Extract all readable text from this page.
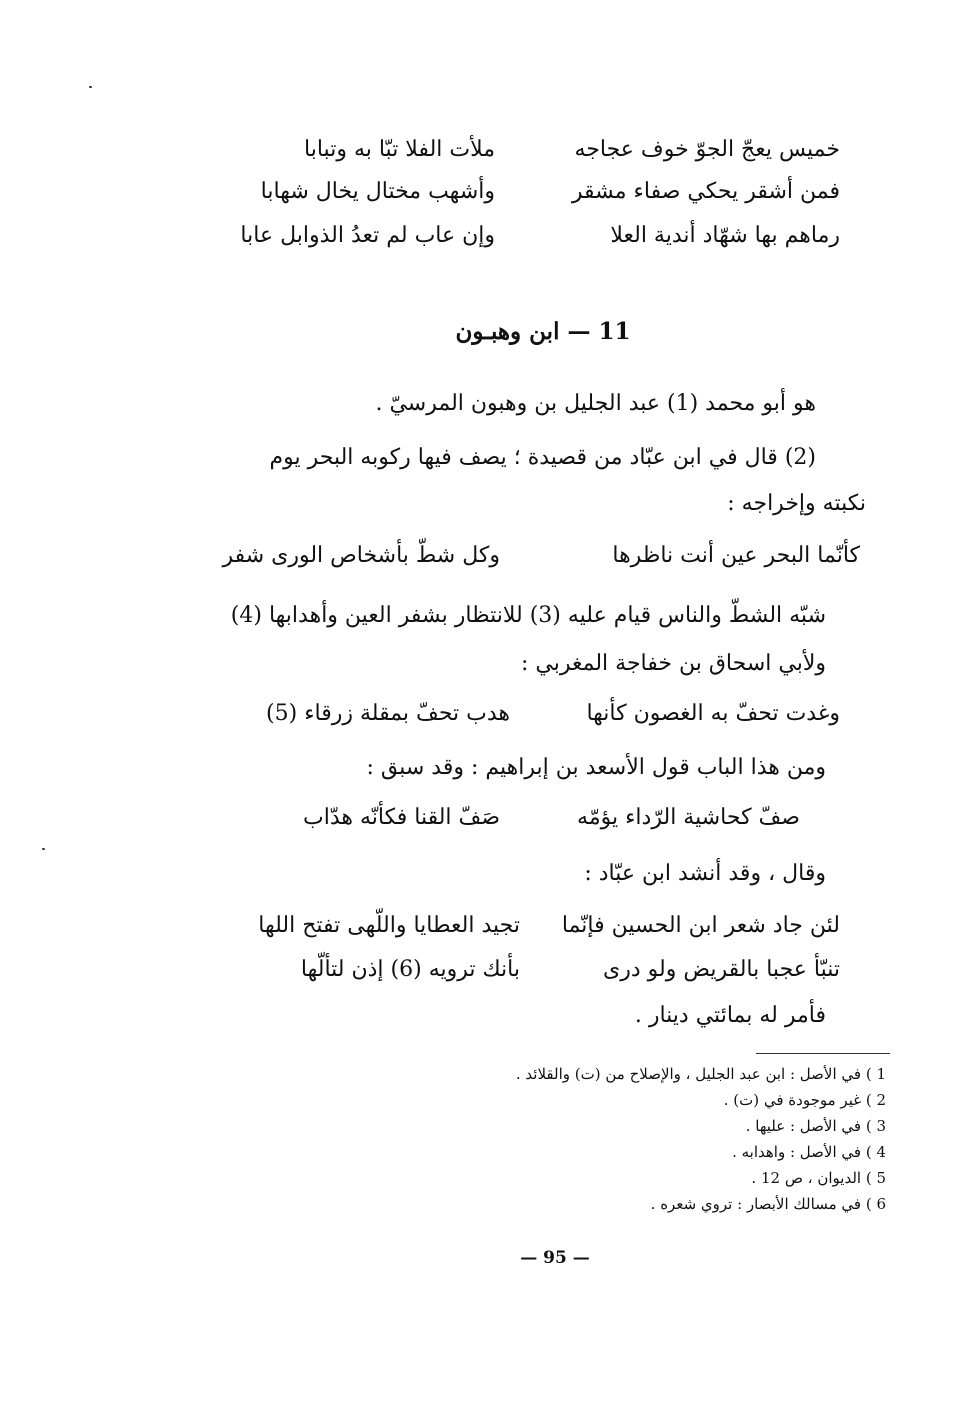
خميس يعجّ الجوّ خوف عجاجه
ملأت الفلا تبّا به وتبابا
فمن أشقر يحكي صفاء مشقر
وأشهب مختال يخال شهابا
رماهم بها شهّاد أندية العلا
وإن عاب لم تعدُ الذوابل عابا
11 — ابن وهبـون
هو أبو محمد (1) عبد الجليل بن وهبون المرسيّ .
(2) قال في ابن عبّاد من قصيدة ؛ يصف فيها ركوبه البحر يوم
نكبته وإخراجه :
كأنّما البحر عين أنت ناظرها
وكل شطّ بأشخاص الورى شفر
شبّه الشطّ والناس قيام عليه (3) للانتظار بشفر العين وأهدابها (4)
ولأبي اسحاق بن خفاجة المغربي :
وغدت تحفّ به الغصون كأنها
هدب تحفّ بمقلة زرقاء (5)
ومن هذا الباب قول الأسعد بن إبراهيم : وقد سبق :
صفّ كحاشية الرّداء يؤمّه
صَفّ القنا فكأنّه هدّاب
وقال ، وقد أنشد ابن عبّاد :
لئن جاد شعر ابن الحسين فإنّما
تجيد العطايا واللّهى تفتح اللها
تنبّأ عجبا بالقريض ولو درى
بأنك ترويه (6) إذن لتألّها
فأمر له بمائتي دينار .
1 ) في الأصل : ابن عبد الجليل ، والإصلاح من (ت) والقلائد .
2 ) غير موجودة في (ت) .
3 ) في الأصل : عليها .
4 ) في الأصل : واهدابه .
5 ) الديوان ، ص 12 .
6 ) في مسالك الأبصار : تروي شعره .
— 95 —
